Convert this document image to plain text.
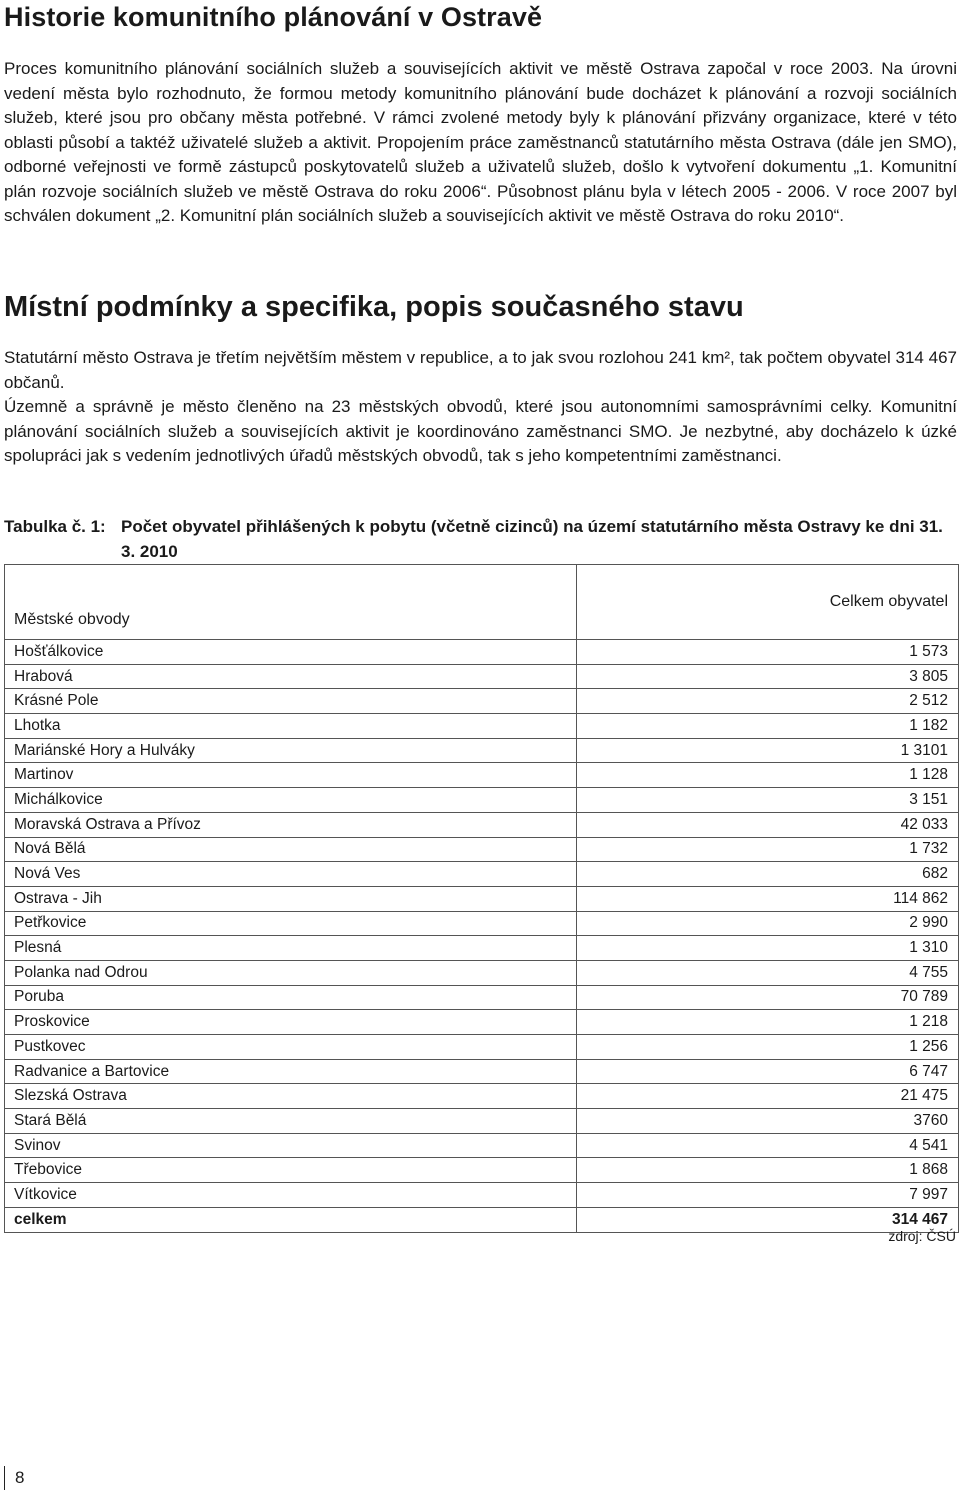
Historie komunitního plánování v Ostravě

Proces komunitního plánování sociálních služeb a souvisejících aktivit ve městě Ostrava započal v roce 2003. Na úrovni vedení města bylo rozhodnuto, že formou metody komunitního plánování bude docházet k plánování a rozvoji sociálních služeb, které jsou pro občany města potřebné. V rámci zvolené metody byly k plánování přizvány organizace, které v této oblasti působí a taktéž uživatelé služeb a aktivit. Propojením práce zaměstnanců statutárního města Ostrava (dále jen SMO), odborné veřejnosti ve formě zástupců poskytovatelů služeb a uživatelů služeb, došlo k vytvoření dokumentu „1. Komunitní plán rozvoje sociálních služeb ve městě Ostrava do roku 2006“. Působnost plánu byla v létech 2005 - 2006. V roce 2007 byl schválen dokument „2. Komunitní plán sociálních služeb a souvisejících aktivit ve městě Ostrava do roku 2010“.

Místní podmínky a specifika, popis současného stavu

Statutární město Ostrava je třetím největším městem v republice, a to jak svou rozlohou 241 km², tak počtem obyvatel 314 467 občanů.

Územně a správně je město členěno na 23 městských obvodů, které jsou autonomními samosprávními celky. Komunitní plánování sociálních služeb a souvisejících aktivit je koordinováno zaměstnanci SMO. Je nezbytné, aby docházelo k úzké spolupráci jak s vedením jednotlivých úřadů městských obvodů, tak s jeho kompetentními zaměstnanci.

Tabulka č. 1: Počet obyvatel přihlášených k pobytu (včetně cizinců) na území statutárního města Ostravy ke dni 31. 3. 2010
Městské obvody	Celkem obyvatel
Hošťálkovice	1 573
Hrabová	3 805
Krásné Pole	2 512
Lhotka	1 182
Mariánské Hory a Hulváky	1 3101
Martinov	1 128
Michálkovice	3 151
Moravská Ostrava a Přívoz	42 033
Nová Bělá	1 732
Nová Ves	682
Ostrava - Jih	114 862
Petřkovice	2 990
Plesná	1 310
Polanka nad Odrou	4 755
Poruba	70 789
Proskovice	1 218
Pustkovec	1 256
Radvanice a Bartovice	6 747
Slezská Ostrava	21 475
Stará Bělá	3760
Svinov	4 541
Třebovice	1 868
Vítkovice	7 997
celkem	314 467
zdroj: ČSÚ
8
